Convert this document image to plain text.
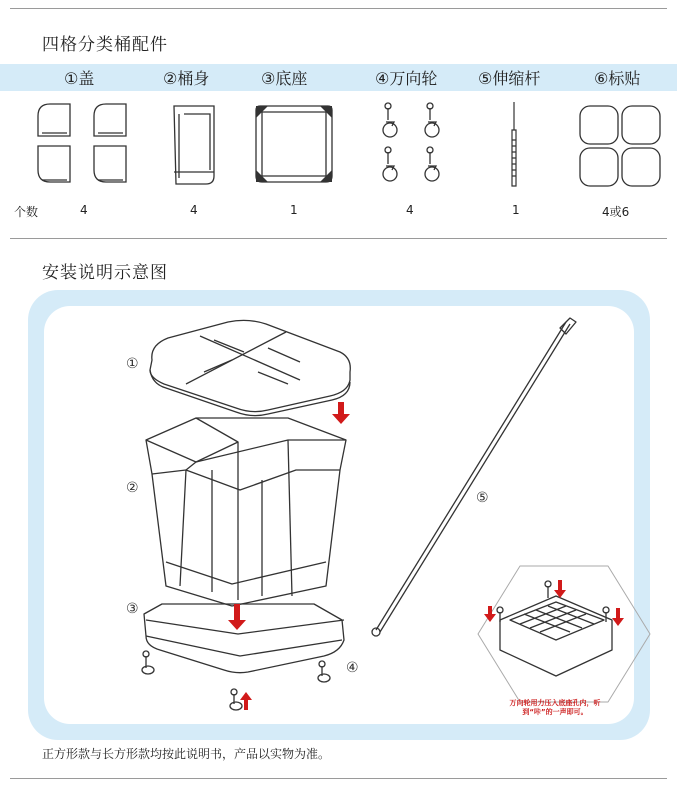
四格分类桶配件
①盖	②桶身	③底座	④万向轮	⑤伸缩杆	⑥标贴
个数	4	4	1	4	1	4或6
安装说明示意图
①
②
③
④
⑤
万向轮用力压入底座孔内，听到“咔”的一声即可。
正方形款与长方形款均按此说明书，产品以实物为准。
